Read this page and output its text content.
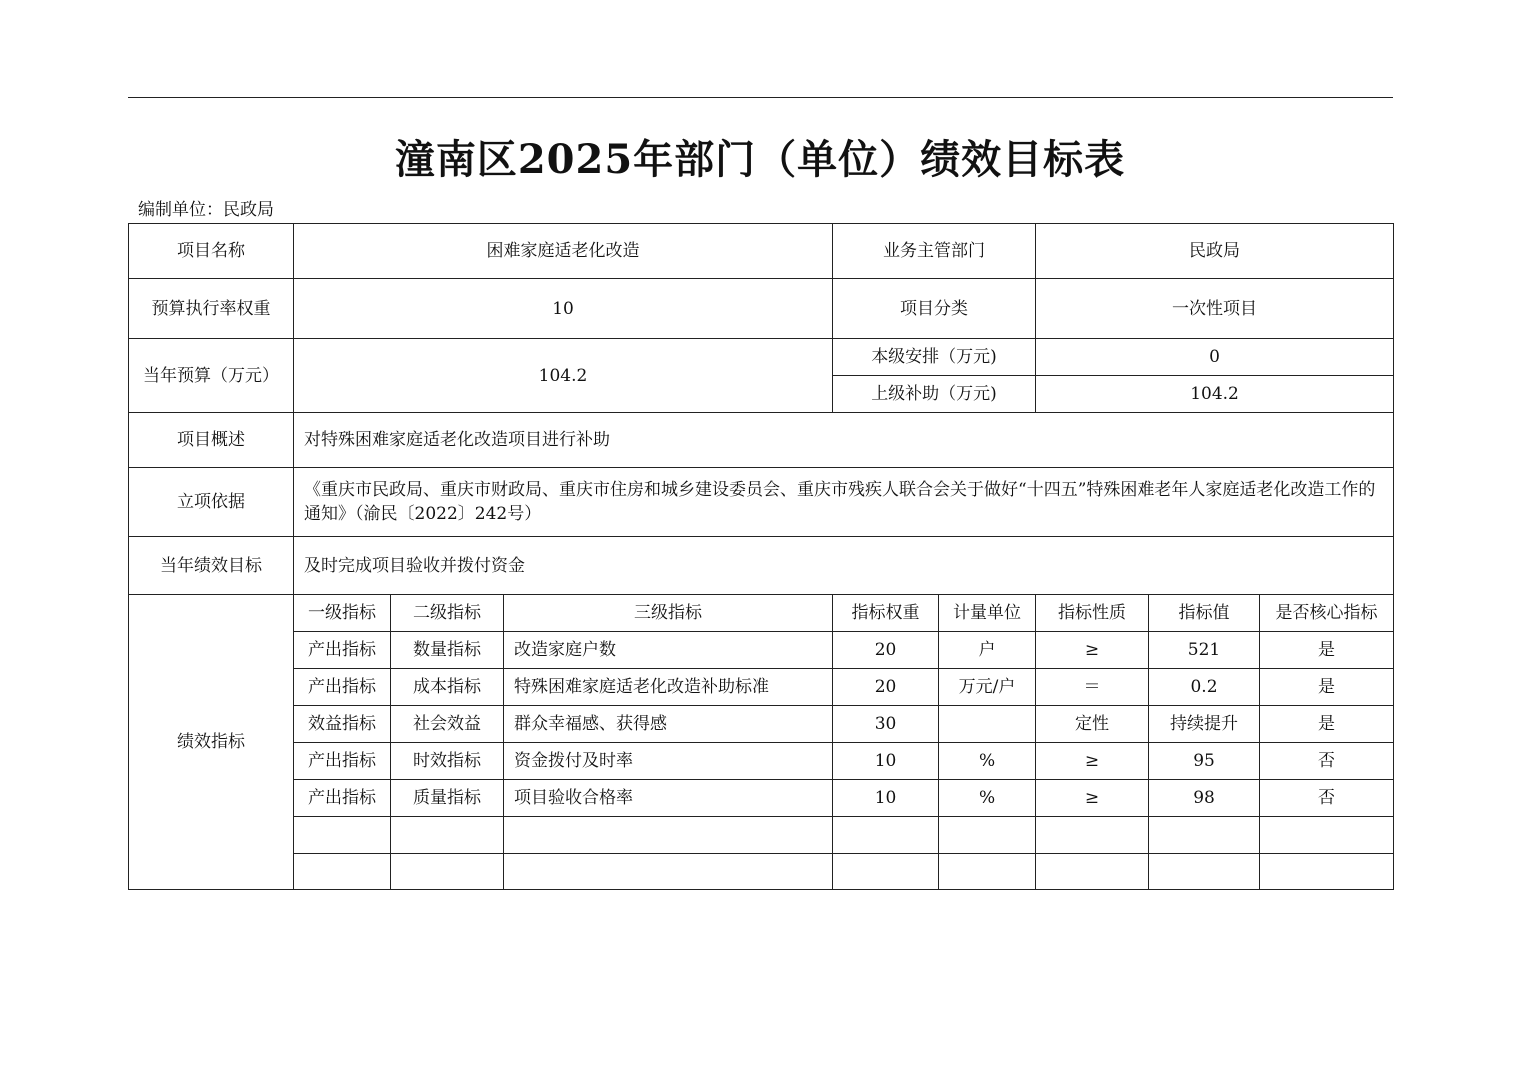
潼南区2025年部门（单位）绩效目标表
编制单位：民政局
项目名称	困难家庭适老化改造			业务主管部门		民政局		
预算执行率权重	10			项目分类		一次性项目		
当年预算（万元）	104.2			本级安排（万元)		0		
				上级补助（万元)		104.2		
项目概述	对特殊困难家庭适老化改造项目进行补助							
立项依据	《重庆市民政局、重庆市财政局、重庆市住房和城乡建设委员会、重庆市残疾人联合会关于做好“十四五”特殊困难老年人家庭适老化改造工作的通知》（渝民〔2022〕242号）							
当年绩效目标	及时完成项目验收并拨付资金							
绩效指标	一级指标	二级指标	三级指标	指标权重	计量单位	指标性质	指标值	是否核心指标
	产出指标	数量指标	改造家庭户数	20	户	≥	521	是
	产出指标	成本指标	特殊困难家庭适老化改造补助标准	20	万元/户	＝	0.2	是
	效益指标	社会效益	群众幸福感、获得感	30		定性	持续提升	是
	产出指标	时效指标	资金拨付及时率	10	%	≥	95	否
	产出指标	质量指标	项目验收合格率	10	%	≥	98	否
